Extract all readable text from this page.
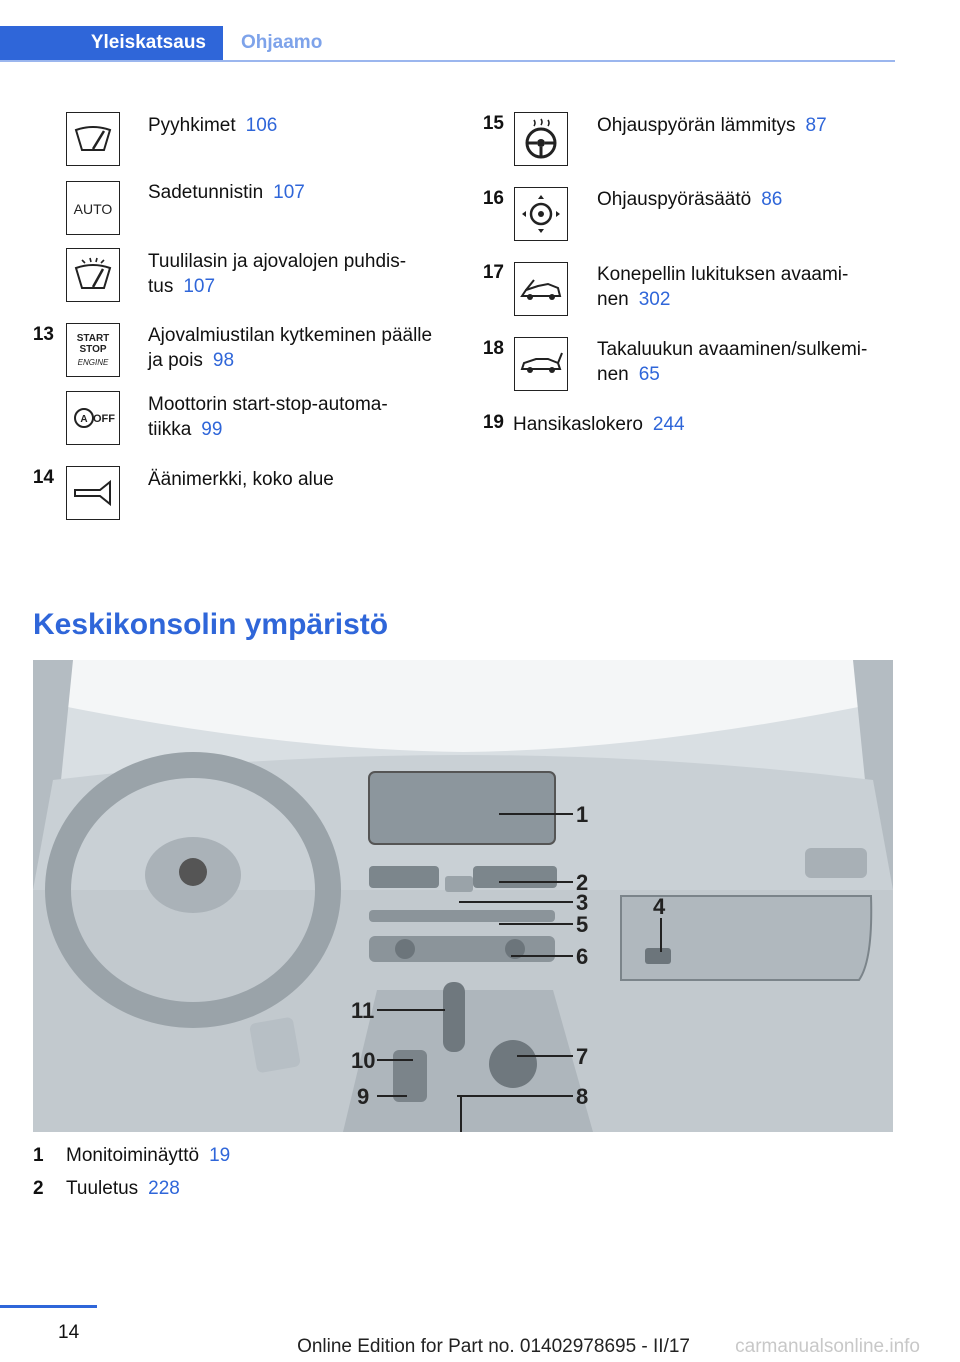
Yleiskatsaus	Ohjaamo
Pyyhkimet 106
AUTO
Sadetunnistin 107
Tuulilasin ja ajovalojen puhdis-
tus 107
13 START
STOP
ENGINE
Ajovalmiustilan kytkeminen päälle
ja pois 98
A OFF
Moottorin start-stop-automa-
tiikka 99
14	Äänimerkki, koko alue
15	Ohjauspyörän lämmitys 87
16	Ohjauspyöräsäätö 86
17	Konepellin lukituksen avaami-
nen 302
18	Takaluukun avaaminen/sulkemi-
nen 65
19 Hansikaslokero 244
Keskikonsolin ympäristö
1
2
3	4
5
6
7
8
9
10
11
1 Monitoiminäyttö 19
2 Tuuletus 228
14
Online Edition for Part no. 01402978695 - II/17 carmanualsonline.info
